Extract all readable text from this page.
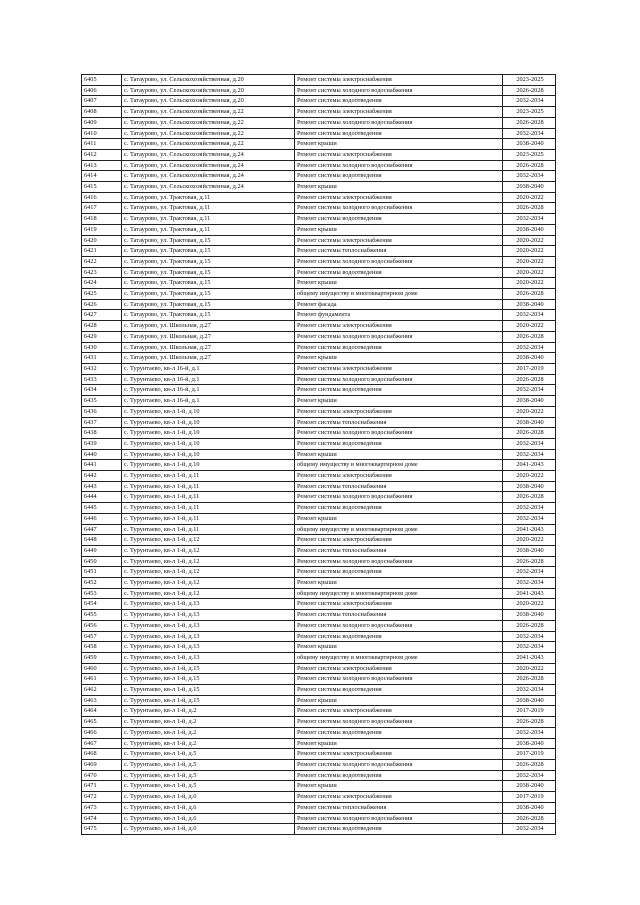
6405	с. Татаурово, ул. Сельскохозяйственная, д.20	Ремонт системы электроснабжения	2023-2025
6406	с. Татаурово, ул. Сельскохозяйственная, д.20	Ремонт системы холодного водоснабжения	2026-2028
6407	с. Татаурово, ул. Сельскохозяйственная, д.20	Ремонт системы водоотведения	2032-2034
6408	с. Татаурово, ул. Сельскохозяйственная, д.22	Ремонт системы электроснабжения	2023-2025
6409	с. Татаурово, ул. Сельскохозяйственная, д.22	Ремонт системы холодного водоснабжения	2026-2028
6410	с. Татаурово, ул. Сельскохозяйственная, д.22	Ремонт системы водоотведения	2032-2034
6411	с. Татаурово, ул. Сельскохозяйственная, д.22	Ремонт крыши	2038-2040
6412	с. Татаурово, ул. Сельскохозяйственная, д.24	Ремонт системы электроснабжения	2023-2025
6413	с. Татаурово, ул. Сельскохозяйственная, д.24	Ремонт системы холодного водоснабжения	2026-2028
6414	с. Татаурово, ул. Сельскохозяйственная, д.24	Ремонт системы водоотведения	2032-2034
6415	с. Татаурово, ул. Сельскохозяйственная, д.24	Ремонт крыши	2038-2040
6416	с. Татаурово, ул. Трактовая, д.11	Ремонт системы электроснабжения	2020-2022
6417	с. Татаурово, ул. Трактовая, д.11	Ремонт системы холодного водоснабжения	2026-2028
6418	с. Татаурово, ул. Трактовая, д.11	Ремонт системы водоотведения	2032-2034
6419	с. Татаурово, ул. Трактовая, д.11	Ремонт крыши	2038-2040
6420	с. Татаурово, ул. Трактовая, д.15	Ремонт системы электроснабжения	2020-2022
6421	с. Татаурово, ул. Трактовая, д.15	Ремонт системы теплоснабжения	2020-2022
6422	с. Татаурово, ул. Трактовая, д.15	Ремонт системы холодного водоснабжения	2020-2022
6423	с. Татаурово, ул. Трактовая, д.15	Ремонт системы водоотведения	2020-2022
6424	с. Татаурово, ул. Трактовая, д.15	Ремонт крыши	2020-2022
6425	с. Татаурово, ул. Трактовая, д.15	общему имуществу в многоквартирном доме	2026-2028
6426	с. Татаурово, ул. Трактовая, д.15	Ремонт фасада	2038-2040
6427	с. Татаурово, ул. Трактовая, д.15	Ремонт фундамента	2032-2034
6428	с. Татаурово, ул. Школьная, д.27	Ремонт системы электроснабжения	2020-2022
6429	с. Татаурово, ул. Школьная, д.27	Ремонт системы холодного водоснабжения	2026-2028
6430	с. Татаурово, ул. Школьная, д.27	Ремонт системы водоотведения	2032-2034
6431	с. Татаурово, ул. Школьная, д.27	Ремонт крыши	2038-2040
6432	с. Турунтаево, кв-л 16-й, д.1	Ремонт системы электроснабжения	2017-2019
6433	с. Турунтаево, кв-л 16-й, д.1	Ремонт системы холодного водоснабжения	2026-2028
6434	с. Турунтаево, кв-л 16-й, д.1	Ремонт системы водоотведения	2032-2034
6435	с. Турунтаево, кв-л 16-й, д.1	Ремонт крыши	2038-2040
6436	с. Турунтаево, кв-л 1-й, д.10	Ремонт системы электроснабжения	2020-2022
6437	с. Турунтаево, кв-л 1-й, д.10	Ремонт системы теплоснабжения	2038-2040
6438	с. Турунтаево, кв-л 1-й, д.10	Ремонт системы холодного водоснабжения	2026-2028
6439	с. Турунтаево, кв-л 1-й, д.10	Ремонт системы водоотведения	2032-2034
6440	с. Турунтаево, кв-л 1-й, д.10	Ремонт крыши	2032-2034
6441	с. Турунтаево, кв-л 1-й, д.10	общему имуществу в многоквартирном доме	2041-2043
6442	с. Турунтаево, кв-л 1-й, д.11	Ремонт системы электроснабжения	2020-2022
6443	с. Турунтаево, кв-л 1-й, д.11	Ремонт системы теплоснабжения	2038-2040
6444	с. Турунтаево, кв-л 1-й, д.11	Ремонт системы холодного водоснабжения	2026-2028
6445	с. Турунтаево, кв-л 1-й, д.11	Ремонт системы водоотведения	2032-2034
6446	с. Турунтаево, кв-л 1-й, д.11	Ремонт крыши	2032-2034
6447	с. Турунтаево, кв-л 1-й, д.11	общему имуществу в многоквартирном доме	2041-2043
6448	с. Турунтаево, кв-л 1-й, д.12	Ремонт системы электроснабжения	2020-2022
6449	с. Турунтаево, кв-л 1-й, д.12	Ремонт системы теплоснабжения	2038-2040
6450	с. Турунтаево, кв-л 1-й, д.12	Ремонт системы холодного водоснабжения	2026-2028
6451	с. Турунтаево, кв-л 1-й, д.12	Ремонт системы водоотведения	2032-2034
6452	с. Турунтаево, кв-л 1-й, д.12	Ремонт крыши	2032-2034
6453	с. Турунтаево, кв-л 1-й, д.12	общему имуществу в многоквартирном доме	2041-2043
6454	с. Турунтаево, кв-л 1-й, д.13	Ремонт системы электроснабжения	2020-2022
6455	с. Турунтаево, кв-л 1-й, д.13	Ремонт системы теплоснабжения	2038-2040
6456	с. Турунтаево, кв-л 1-й, д.13	Ремонт системы холодного водоснабжения	2026-2028
6457	с. Турунтаево, кв-л 1-й, д.13	Ремонт системы водоотведения	2032-2034
6458	с. Турунтаево, кв-л 1-й, д.13	Ремонт крыши	2032-2034
6459	с. Турунтаево, кв-л 1-й, д.13	общему имуществу в многоквартирном доме	2041-2043
6460	с. Турунтаево, кв-л 1-й, д.15	Ремонт системы электроснабжения	2020-2022
6461	с. Турунтаево, кв-л 1-й, д.15	Ремонт системы холодного водоснабжения	2026-2028
6462	с. Турунтаево, кв-л 1-й, д.15	Ремонт системы водоотведения	2032-2034
6463	с. Турунтаево, кв-л 1-й, д.15	Ремонт крыши	2038-2040
6464	с. Турунтаево, кв-л 1-й, д.2	Ремонт системы электроснабжения	2017-2019
6465	с. Турунтаево, кв-л 1-й, д.2	Ремонт системы холодного водоснабжения	2026-2028
6466	с. Турунтаево, кв-л 1-й, д.2	Ремонт системы водоотведения	2032-2034
6467	с. Турунтаево, кв-л 1-й, д.2	Ремонт крыши	2038-2040
6468	с. Турунтаево, кв-л 1-й, д.5	Ремонт системы электроснабжения	2017-2019
6469	с. Турунтаево, кв-л 1-й, д.5	Ремонт системы холодного водоснабжения	2026-2028
6470	с. Турунтаево, кв-л 1-й, д.5	Ремонт системы водоотведения	2032-2034
6471	с. Турунтаево, кв-л 1-й, д.5	Ремонт крыши	2038-2040
6472	с. Турунтаево, кв-л 1-й, д.6	Ремонт системы электроснабжения	2017-2019
6473	с. Турунтаево, кв-л 1-й, д.6	Ремонт системы теплоснабжения	2038-2040
6474	с. Турунтаево, кв-л 1-й, д.6	Ремонт системы холодного водоснабжения	2026-2028
6475	с. Турунтаево, кв-л 1-й, д.6	Ремонт системы водоотведения	2032-2034
